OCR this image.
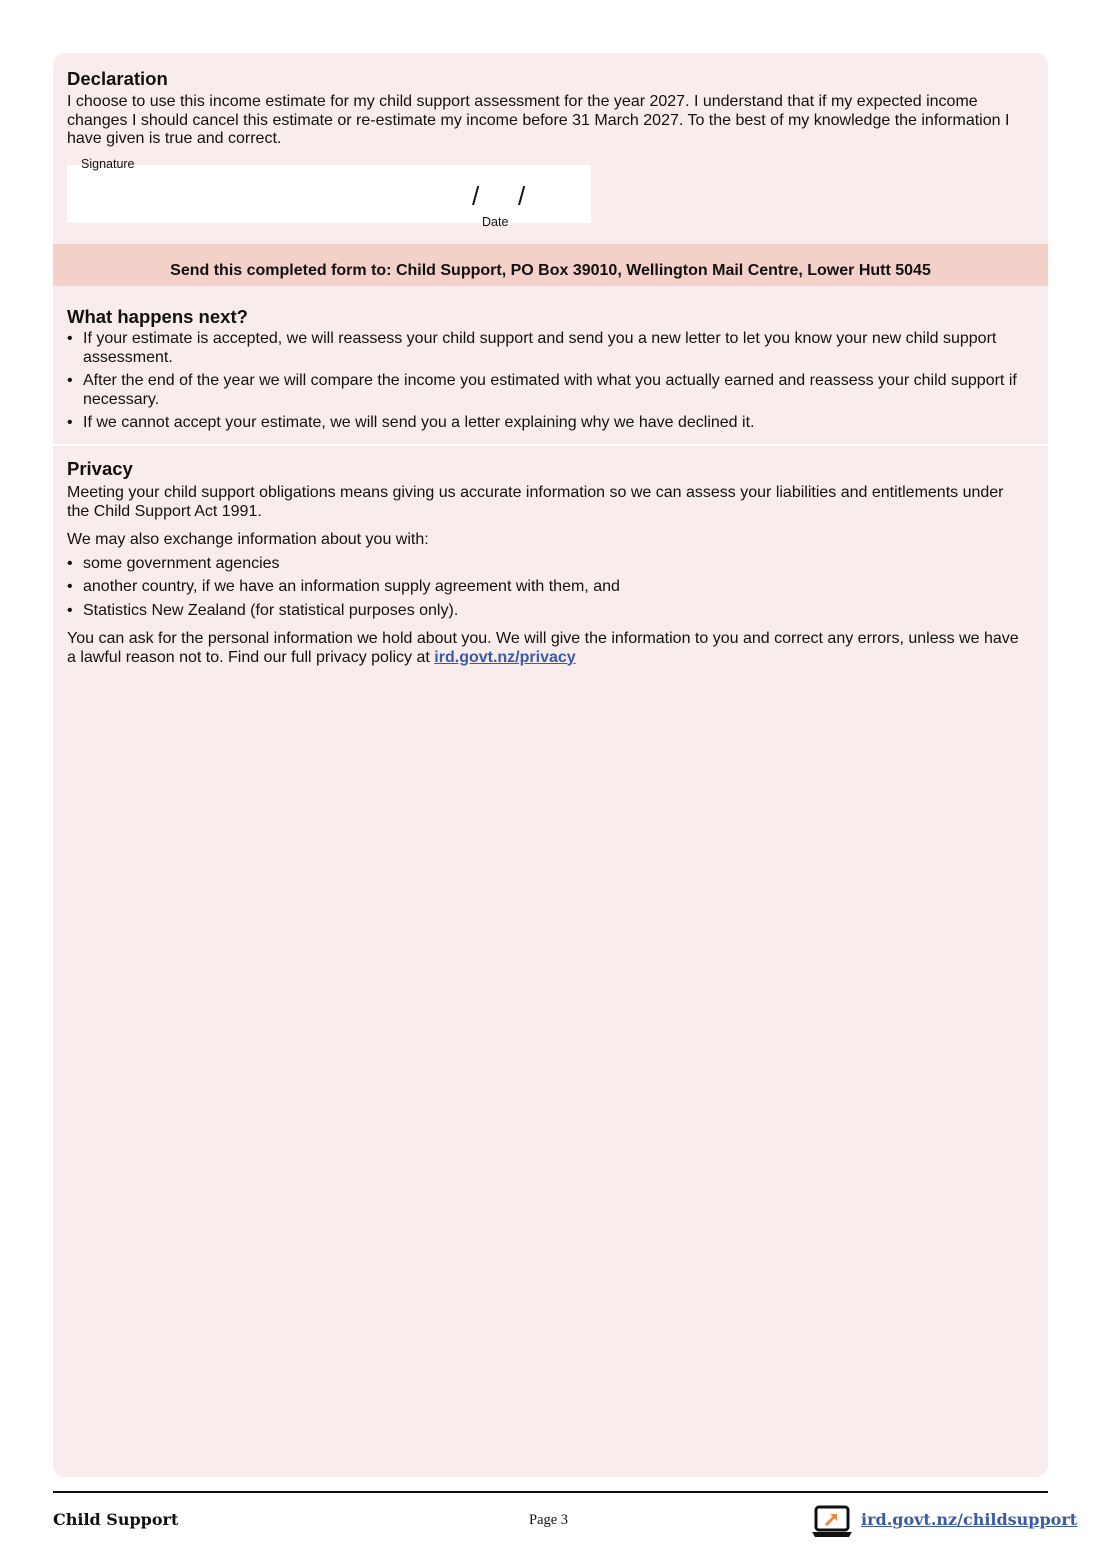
Declaration

I choose to use this income estimate for my child support assessment for the year 2027. I understand that if my expected income changes I should cancel this estimate or re-estimate my income before 31 March 2027. To the best of my knowledge the information I have given is true and correct.

Signature
/ /
Date
Send this completed form to: Child Support, PO Box 39010, Wellington Mail Centre, Lower Hutt 5045
What happens next?
• If your estimate is accepted, we will reassess your child support and send you a new letter to let you know your new child support assessment.
• After the end of the year we will compare the income you estimated with what you actually earned and reassess your child support if necessary.
• If we cannot accept your estimate, we will send you a letter explaining why we have declined it.
Privacy

Meeting your child support obligations means giving us accurate information so we can assess your liabilities and entitlements under the Child Support Act 1991.

We may also exchange information about you with:

• some government agencies
• another country, if we have an information supply agreement with them, and
• Statistics New Zealand (for statistical purposes only).

You can ask for the personal information we hold about you. We will give the information to you and correct any errors, unless we have a lawful reason not to. Find our full privacy policy at ird.govt.nz/privacy

Child Support	Page 3	ird.govt.nz/childsupport
